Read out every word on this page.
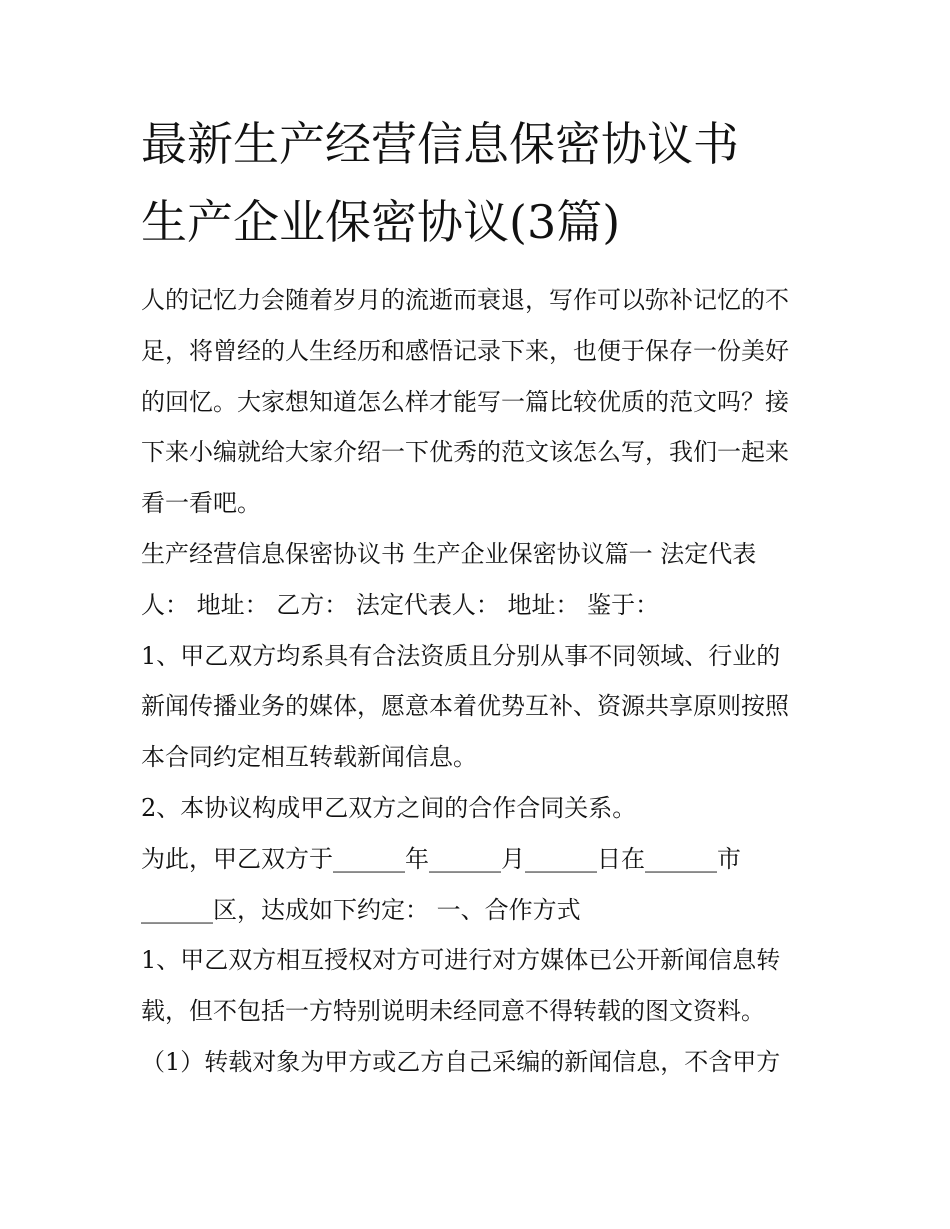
最新生产经营信息保密协议书
生产企业保密协议(3篇)
人的记忆力会随着岁月的流逝而衰退，写作可以弥补记忆的不
足，将曾经的人生经历和感悟记录下来，也便于保存一份美好
的回忆。大家想知道怎么样才能写一篇比较优质的范文吗？接
下来小编就给大家介绍一下优秀的范文该怎么写，我们一起来
看一看吧。
生产经营信息保密协议书 生产企业保密协议篇一 法定代表
人： 地址： 乙方： 法定代表人： 地址： 鉴于：
1、甲乙双方均系具有合法资质且分别从事不同领域、行业的
新闻传播业务的媒体，愿意本着优势互补、资源共享原则按照
本合同约定相互转载新闻信息。
2、本协议构成甲乙双方之间的合作合同关系。
为此，甲乙双方于______年______月______日在______市
______区，达成如下约定： 一、合作方式
1、甲乙双方相互授权对方可进行对方媒体已公开新闻信息转
载，但不包括一方特别说明未经同意不得转载的图文资料。
（1）转载对象为甲方或乙方自己采编的新闻信息，不含甲方
